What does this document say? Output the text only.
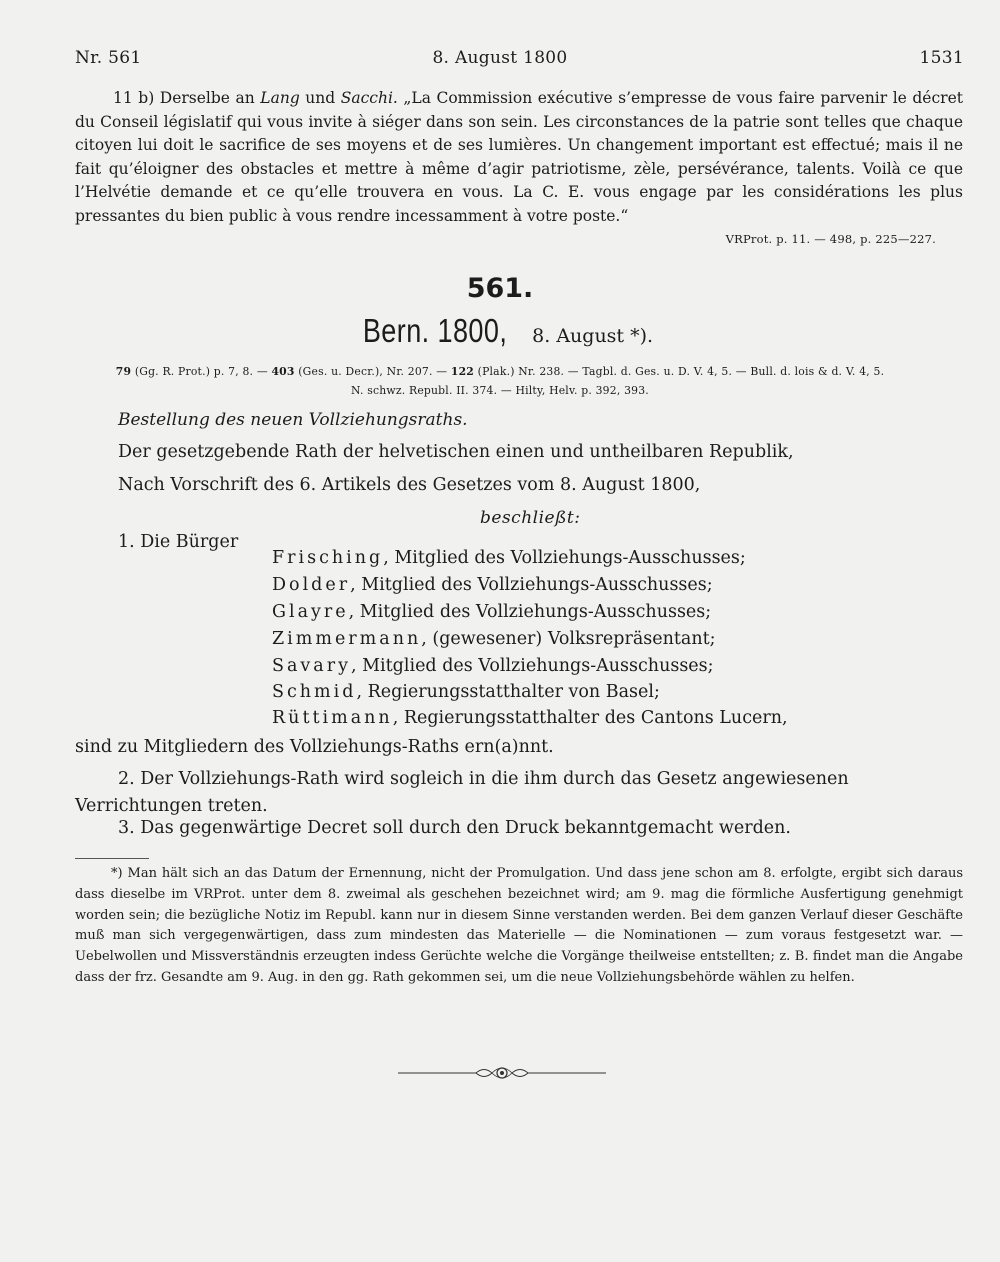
Nr. 561	8. August 1800	1531
11 b) Derselbe an Lang und Sacchi. „La Commission exécutive s’empresse de vous faire parvenir le décret du Conseil législatif qui vous invite à siéger dans son sein. Les circonstances de la patrie sont telles que chaque citoyen lui doit le sacrifice de ses moyens et de ses lumières. Un changement important est effectué; mais il ne fait qu’éloigner des obstacles et mettre à même d’agir patriotisme, zèle, persévérance, talents. Voilà ce que l’Helvétie demande et ce qu’elle trouvera en vous. La C. E. vous engage par les considérations les plus pressantes du bien public à vous rendre incessamment à votre poste.“
VRProt. p. 11. — 498, p. 225—227.
561.
Bern. 1800, 8. August *).
79 (Gg. R. Prot.) p. 7, 8. — 403 (Ges. u. Decr.), Nr. 207. — 122 (Plak.) Nr. 238. — Tagbl. d. Ges. u. D. V. 4, 5. — Bull. d. lois & d. V. 4, 5.
N. schwz. Republ. II. 374. — Hilty, Helv. p. 392, 393.
Bestellung des neuen Vollziehungsraths.
Der gesetzgebende Rath der helvetischen einen und untheilbaren Republik,
Nach Vorschrift des 6. Artikels des Gesetzes vom 8. August 1800,
beschließt:
1. Die Bürger
Frisching, Mitglied des Vollziehungs-Ausschusses;
Dolder, Mitglied des Vollziehungs-Ausschusses;
Glayre, Mitglied des Vollziehungs-Ausschusses;
Zimmermann, (gewesener) Volksrepräsentant;
Savary, Mitglied des Vollziehungs-Ausschusses;
Schmid, Regierungsstatthalter von Basel;
Rüttimann, Regierungsstatthalter des Cantons Lucern,
sind zu Mitgliedern des Vollziehungs-Raths ern(a)nnt.
2. Der Vollziehungs-Rath wird sogleich in die ihm durch das Gesetz angewiesenen Verrichtungen treten.
3. Das gegenwärtige Decret soll durch den Druck bekanntgemacht werden.
*) Man hält sich an das Datum der Ernennung, nicht der Promulgation. Und dass jene schon am 8. erfolgte, ergibt sich daraus dass dieselbe im VRProt. unter dem 8. zweimal als geschehen bezeichnet wird; am 9. mag die förmliche Ausfertigung genehmigt worden sein; die bezügliche Notiz im Republ. kann nur in diesem Sinne verstanden werden. Bei dem ganzen Verlauf dieser Geschäfte muß man sich vergegenwärtigen, dass zum mindesten das Materielle — die Nominationen — zum voraus festgesetzt war. — Uebelwollen und Missverständnis erzeugten indess Gerüchte welche die Vorgänge theilweise entstellten; z. B. findet man die Angabe dass der frz. Gesandte am 9. Aug. in den gg. Rath gekommen sei, um die neue Vollziehungsbehörde wählen zu helfen.
